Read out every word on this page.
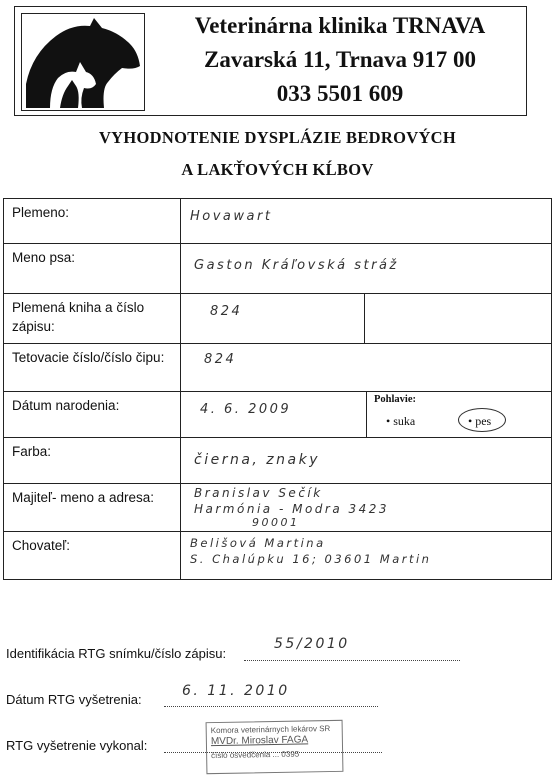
Veterinárna klinika TRNAVA
Zavarská 11, Trnava 917 00
033 5501 609
VYHODNOTENIE DYSPLÁZIE BEDROVÝCH
A LAKŤOVÝCH KĹBOV
Plemeno:	Hovawart
Meno psa:
Gaston Kráľovská stráž
Plemená kniha a číslo zápisu:
824
Tetovacie číslo/číslo čipu:	824
Dátum narodenia:	4. 6. 2009
Pohlavie:
• suka	• pes
Farba:
čierna, znaky
Majiteľ- meno a adresa:	Branislav Sečík
Harmónia - Modra 3423
90001
Chovateľ:	Belišová Martina
S. Chalúpku 16; 03601 Martin
Identifikácia RTG snímku/číslo zápisu:
55/2010
Dátum RTG vyšetrenia:
6. 11. 2010
RTG vyšetrenie vykonal:
Komora veterinárnych lekárov SR
MVDr. Miroslav FAGA
číslo osvedčenia ... 0395
